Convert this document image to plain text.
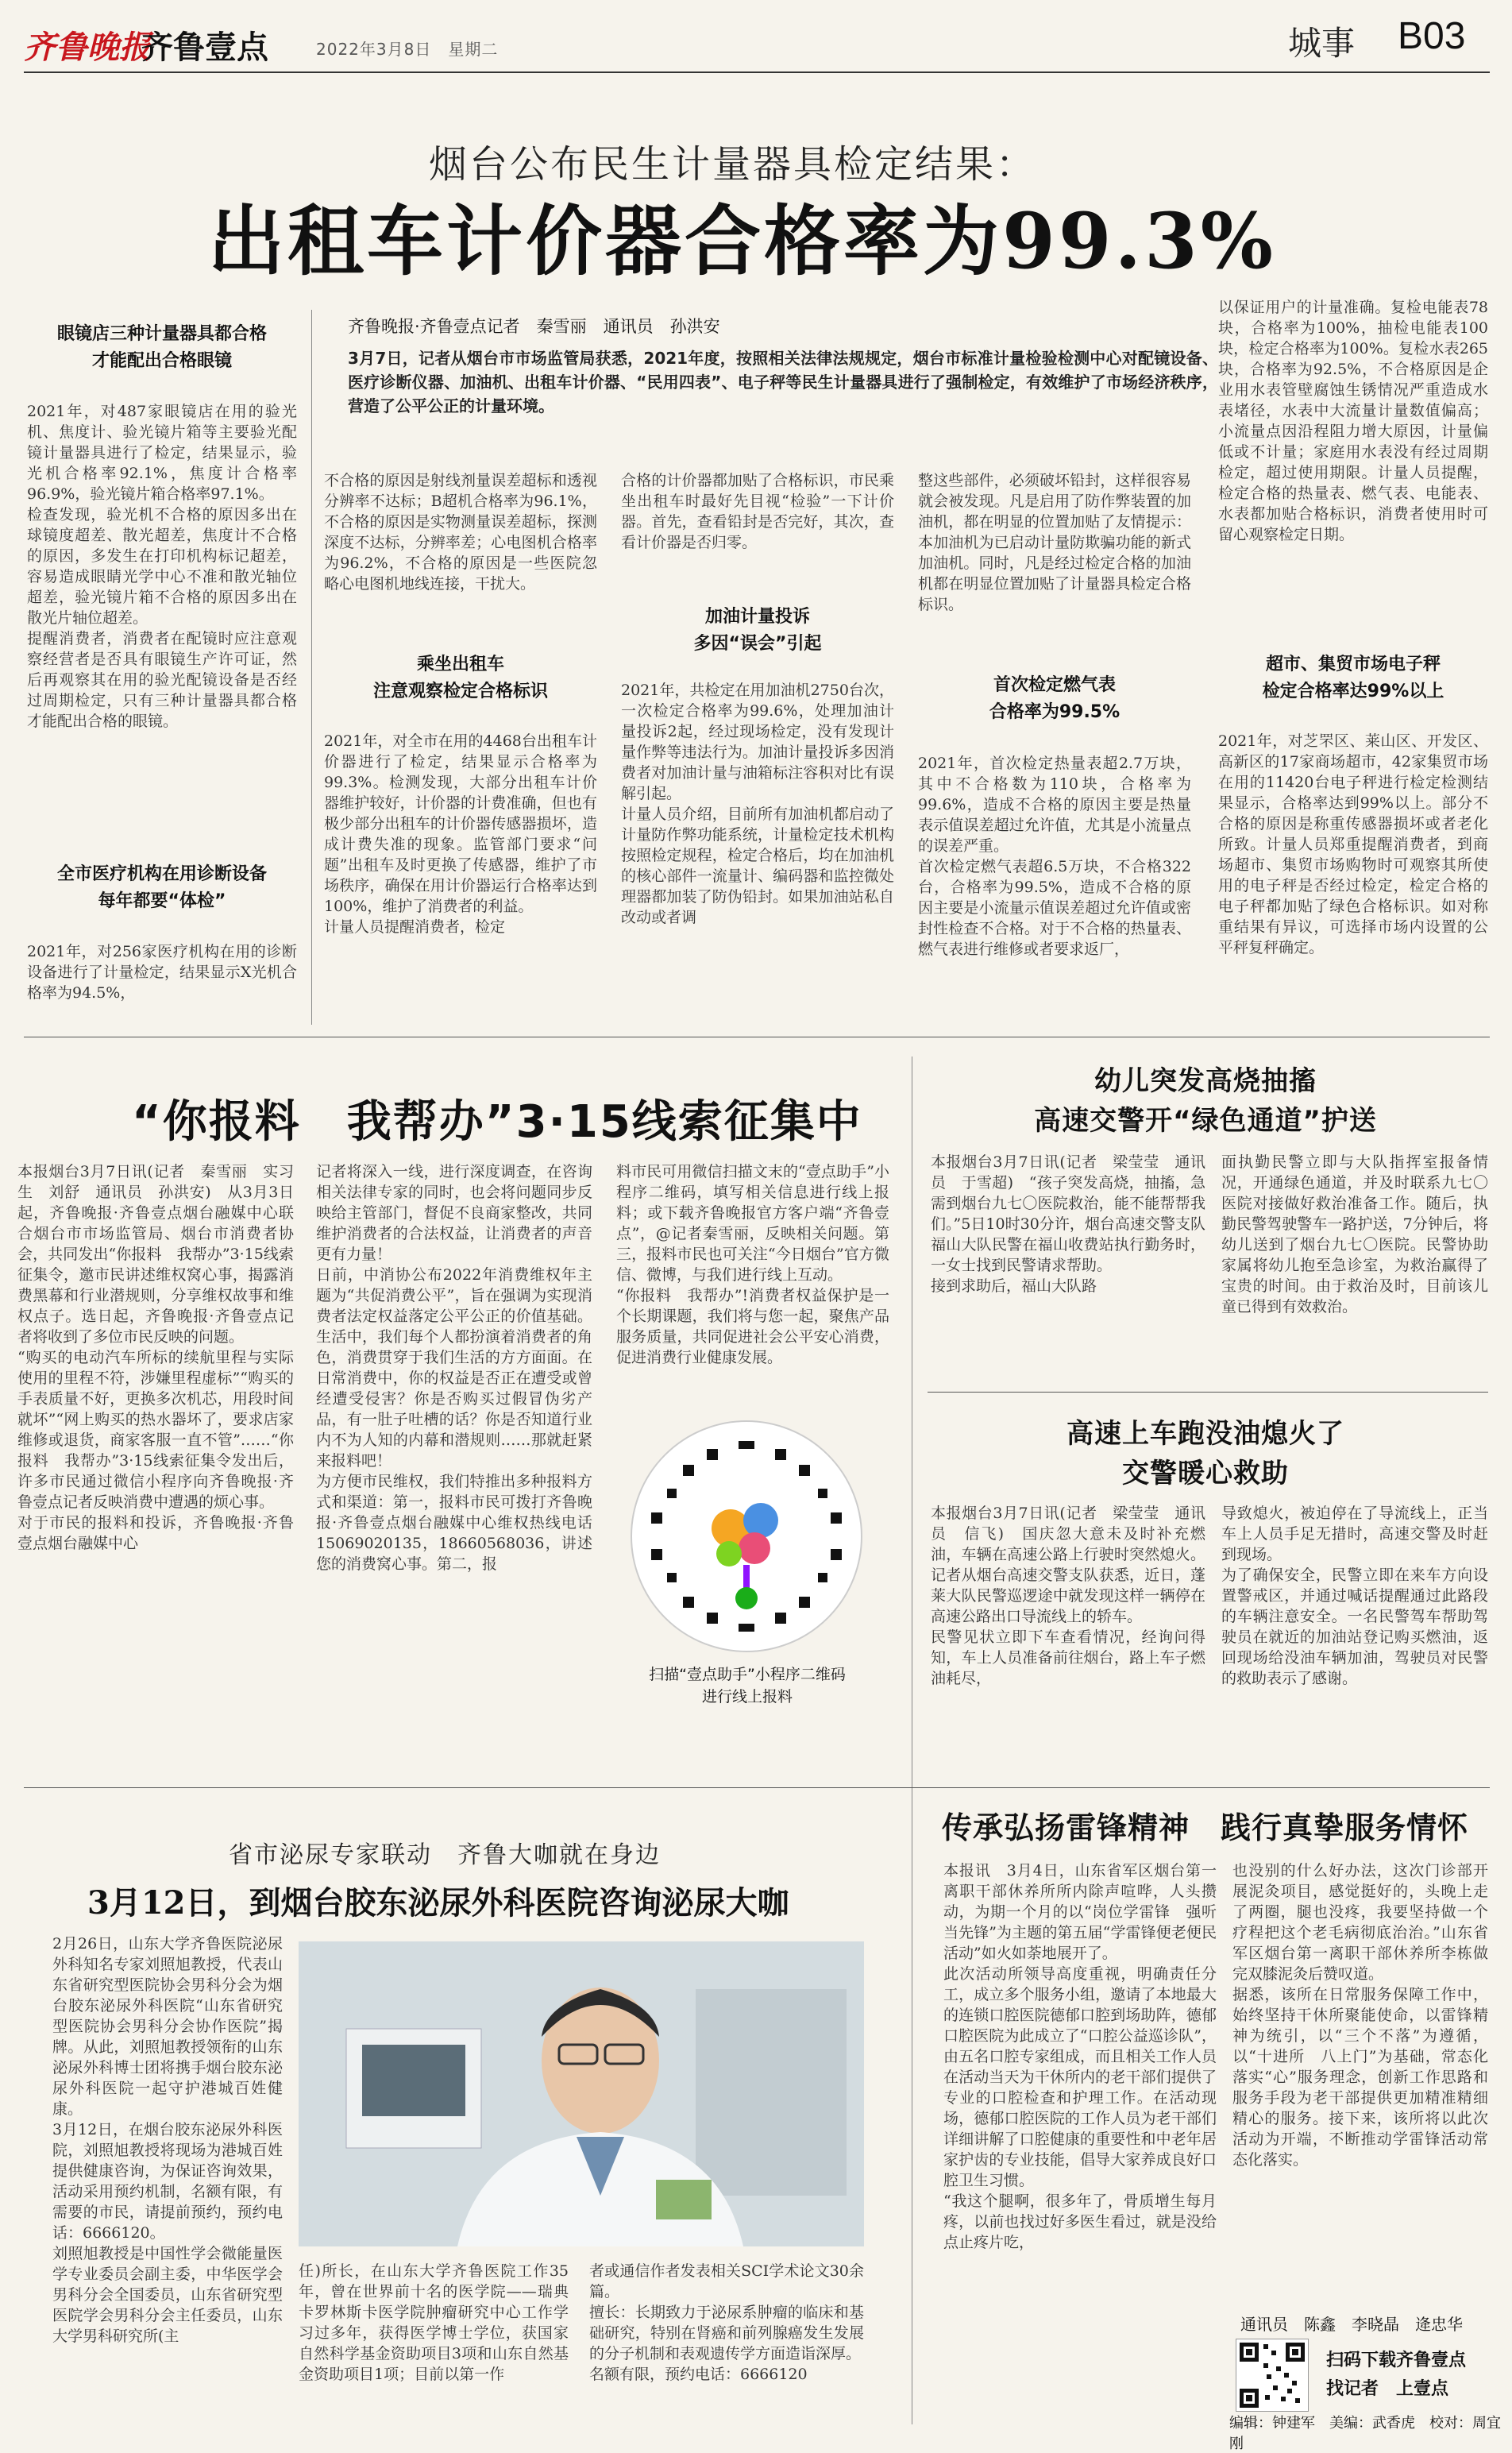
齐鲁晚报
齐鲁壹点	2022年3月8日　星期二	城事 B03
烟台公布民生计量器具检定结果：
出租车计价器合格率为99.3%
齐鲁晚报·齐鲁壹点记者　秦雪丽　通讯员　孙洪安
3月7日，记者从烟台市市场监管局获悉，2021年度，按照相关法律法规规定，烟台市标准计量检验检测中心对配镜设备、医疗诊断仪器、加油机、出租车计价器、“民用四表”、电子秤等民生计量器具进行了强制检定，有效维护了市场经济秩序，营造了公平公正的计量环境。
眼镜店三种计量器具都合格
才能配出合格眼镜
2021年，对487家眼镜店在用的验光机、焦度计、验光镜片箱等主要验光配镜计量器具进行了检定，结果显示，验光机合格率92.1%，焦度计合格率96.9%，验光镜片箱合格率97.1%。
检查发现，验光机不合格的原因多出在球镜度超差、散光超差，焦度计不合格的原因，多发生在打印机构标记超差，容易造成眼睛光学中心不准和散光轴位超差，验光镜片箱不合格的原因多出在散光片轴位超差。
提醒消费者，消费者在配镜时应注意观察经营者是否具有眼镜生产许可证，然后再观察其在用的验光配镜设备是否经过周期检定，只有三种计量器具都合格才能配出合格的眼镜。
全市医疗机构在用诊断设备
每年都要“体检”
2021年，对256家医疗机构在用的诊断设备进行了计量检定，结果显示X光机合格率为94.5%，
不合格的原因是射线剂量误差超标和透视分辨率不达标；B超机合格率为96.1%，不合格的原因是实物测量误差超标，探测深度不达标，分辨率差；心电图机合格率为96.2%，不合格的原因是一些医院忽略心电图机地线连接，干扰大。
乘坐出租车
注意观察检定合格标识
2021年，对全市在用的4468台出租车计价器进行了检定，结果显示合格率为99.3%。检测发现，大部分出租车计价器维护较好，计价器的计费准确，但也有极少部分出租车的计价器传感器损坏，造成计费失准的现象。监管部门要求“问题”出租车及时更换了传感器，维护了市场秩序，确保在用计价器运行合格率达到100%，维护了消费者的利益。
计量人员提醒消费者，检定
合格的计价器都加贴了合格标识，市民乘坐出租车时最好先目视“检验”一下计价器。首先，查看铅封是否完好，其次，查看计价器是否归零。
加油计量投诉
多因“误会”引起
2021年，共检定在用加油机2750台次，一次检定合格率为99.6%，处理加油计量投诉2起，经过现场检定，没有发现计量作弊等违法行为。加油计量投诉多因消费者对加油计量与油箱标注容积对比有误解引起。
计量人员介绍，目前所有加油机都启动了计量防作弊功能系统，计量检定技术机构按照检定规程，检定合格后，均在加油机的核心部件一流量计、编码器和监控微处理器都加装了防伪铅封。如果加油站私自改动或者调
整这些部件，必须破坏铅封，这样很容易就会被发现。凡是启用了防作弊装置的加油机，都在明显的位置加贴了友情提示：本加油机为已启动计量防欺骗功能的新式加油机。同时，凡是经过检定合格的加油机都在明显位置加贴了计量器具检定合格标识。
首次检定燃气表
合格率为99.5%
2021年，首次检定热量表超2.7万块，其中不合格数为110块，合格率为99.6%，造成不合格的原因主要是热量表示值误差超过允许值，尤其是小流量点的误差严重。
首次检定燃气表超6.5万块，不合格322台，合格率为99.5%，造成不合格的原因主要是小流量示值误差超过允许值或密封性检查不合格。对于不合格的热量表、燃气表进行维修或者要求返厂，
以保证用户的计量准确。复检电能表78块，合格率为100%，抽检电能表100块，检定合格率为100%。复检水表265块，合格率为92.5%，不合格原因是企业用水表管壁腐蚀生锈情况严重造成水表堵径，水表中大流量计量数值偏高；小流量点因沿程阻力增大原因，计量偏低或不计量；家庭用水表没有经过周期检定，超过使用期限。计量人员提醒，检定合格的热量表、燃气表、电能表、水表都加贴合格标识，消费者使用时可留心观察检定日期。
超市、集贸市场电子秤
检定合格率达99%以上
2021年，对芝罘区、莱山区、开发区、高新区的17家商场超市，42家集贸市场在用的11420台电子秤进行检定检测结果显示，合格率达到99%以上。部分不合格的原因是称重传感器损坏或者老化所致。计量人员郑重提醒消费者，到商场超市、集贸市场购物时可观察其所使用的电子秤是否经过检定，检定合格的电子秤都加贴了绿色合格标识。如对称重结果有异议，可选择市场内设置的公平秤复秤确定。
“你报料　我帮办”3·15线索征集中
本报烟台3月7日讯(记者　秦雪丽　实习生　刘舒　通讯员　孙洪安)　从3月3日起，齐鲁晚报·齐鲁壹点烟台融媒中心联合烟台市市场监管局、烟台市消费者协会，共同发出“你报料　我帮办”3·15线索征集令，邀市民讲述维权窝心事，揭露消费黑幕和行业潜规则，分享维权故事和维权点子。选日起，齐鲁晚报·齐鲁壹点记者将收到了多位市民反映的问题。
“购买的电动汽车所标的续航里程与实际使用的里程不符，涉嫌里程虚标”“购买的手表质量不好，更换多次机芯，用段时间就坏”“网上购买的热水器坏了，要求店家维修或退货，商家客服一直不管”……“你报料　我帮办”3·15线索征集令发出后，许多市民通过微信小程序向齐鲁晚报·齐鲁壹点记者反映消费中遭遇的烦心事。
对于市民的报料和投诉，齐鲁晚报·齐鲁壹点烟台融媒中心
记者将深入一线，进行深度调查，在咨询相关法律专家的同时，也会将问题同步反映给主管部门，督促不良商家整改，共同维护消费者的合法权益，让消费者的声音更有力量！
日前，中消协公布2022年消费维权年主题为“共促消费公平”，旨在强调为实现消费者法定权益落定公平公正的价值基础。生活中，我们每个人都扮演着消费者的角色，消费贯穿于我们生活的方方面面。在日常消费中，你的权益是否正在遭受或曾经遭受侵害？你是否购买过假冒伪劣产品，有一肚子吐槽的话？你是否知道行业内不为人知的内幕和潜规则……那就赶紧来报料吧！
为方便市民维权，我们特推出多种报料方式和渠道：第一，报料市民可拨打齐鲁晚报·齐鲁壹点烟台融媒中心维权热线电话15069020135，18660568036，讲述您的消费窝心事。第二，报
料市民可用微信扫描文末的“壹点助手”小程序二维码，填写相关信息进行线上报料；或下载齐鲁晚报官方客户端“齐鲁壹点”，@记者秦雪丽，反映相关问题。第三，报料市民也可关注“今日烟台”官方微信、微博，与我们进行线上互动。
“你报料　我帮办”!消费者权益保护是一个长期课题，我们将与您一起，聚焦产品服务质量，共同促进社会公平安心消费，促进消费行业健康发展。
扫描“壹点助手”小程序二维码
进行线上报料
幼儿突发高烧抽搐
高速交警开“绿色通道”护送
本报烟台3月7日讯(记者　梁莹莹　通讯员　于雪超)　“孩子突发高烧，抽搐，急需到烟台九七〇医院救治，能不能帮帮我们。”5日10时30分许，烟台高速交警支队福山大队民警在福山收费站执行勤务时，一女士找到民警请求帮助。
接到求助后，福山大队路
面执勤民警立即与大队指挥室报备情况，开通绿色通道，并及时联系九七〇医院对接做好救治准备工作。随后，执勤民警驾驶警车一路护送，7分钟后，将幼儿送到了烟台九七〇医院。民警协助家属将幼儿抱至急诊室，为救治赢得了宝贵的时间。由于救治及时，目前该儿童已得到有效救治。
高速上车跑没油熄火了
交警暖心救助
本报烟台3月7日讯(记者　梁莹莹　通讯员　信飞)　国庆忽大意未及时补充燃油，车辆在高速公路上行驶时突然熄火。记者从烟台高速交警支队获悉，近日，蓬莱大队民警巡逻途中就发现这样一辆停在高速公路出口导流线上的轿车。
民警见状立即下车查看情况，经询问得知，车上人员准备前往烟台，路上车子燃油耗尽，
导致熄火，被迫停在了导流线上，正当车上人员手足无措时，高速交警及时赶到现场。
为了确保安全，民警立即在来车方向设置警戒区，并通过喊话提醒通过此路段的车辆注意安全。一名民警驾车帮助驾驶员在就近的加油站登记购买燃油，返回现场给没油车辆加油，驾驶员对民警的救助表示了感谢。
省市泌尿专家联动　齐鲁大咖就在身边
3月12日，到烟台胶东泌尿外科医院咨询泌尿大咖
2月26日，山东大学齐鲁医院泌尿外科知名专家刘照旭教授，代表山东省研究型医院协会男科分会为烟台胶东泌尿外科医院“山东省研究型医院协会男科分会协作医院”揭牌。从此，刘照旭教授领衔的山东泌尿外科博士团将携手烟台胶东泌尿外科医院一起守护港城百姓健康。
3月12日，在烟台胶东泌尿外科医院，刘照旭教授将现场为港城百姓提供健康咨询，为保证咨询效果，活动采用预约机制，名额有限，有需要的市民，请提前预约，预约电话：6666120。
刘照旭教授是中国性学会微能量医学专业委员会副主委，中华医学会男科分会全国委员，山东省研究型医院学会男科分会主任委员，山东大学男科研究所(主
任)所长，在山东大学齐鲁医院工作35年，曾在世界前十名的医学院——瑞典卡罗林斯卡医学院肿瘤研究中心工作学习过多年，获得医学博士学位，获国家自然科学基金资助项目3项和山东自然基金资助项目1项；目前以第一作
者或通信作者发表相关SCI学术论文30余篇。
擅长：长期致力于泌尿系肿瘤的临床和基础研究，特别在肾癌和前列腺癌发生发展的分子机制和表观遗传学方面造诣深厚。
名额有限，预约电话：6666120
传承弘扬雷锋精神　践行真挚服务情怀
本报讯　3月4日，山东省军区烟台第一离职干部休养所所内除声喧哗，人头攒动，为期一个月的以“岗位学雷锋　强听当先锋”为主题的第五届“学雷锋便老便民活动”如火如荼地展开了。
此次活动所领导高度重视，明确责任分工，成立多个服务小组，邀请了本地最大的连锁口腔医院德郁口腔到场助阵，德郁口腔医院为此成立了“口腔公益巡诊队”，由五名口腔专家组成，而且相关工作人员在活动当天为干休所内的老干部们提供了专业的口腔检查和护理工作。在活动现场，德郁口腔医院的工作人员为老干部们详细讲解了口腔健康的重要性和中老年居家护齿的专业技能，倡导大家养成良好口腔卫生习惯。
“我这个腿啊，很多年了，骨质增生每月疼，以前也找过好多医生看过，就是没给点止疼片吃，
也没别的什么好办法，这次门诊部开展泥灸项目，感觉挺好的，头晚上走了两圈，腿也没疼，我要坚持做一个疗程把这个老毛病彻底治治。”山东省军区烟台第一离职干部休养所李栋做完双膝泥灸后赞叹道。
据悉，该所在日常服务保障工作中，始终坚持干休所聚能使命，以雷锋精神为统引，以“三个不落”为遵循，以“十进所　八上门”为基础，常态化落实“心”服务理念，创新工作思路和服务手段为老干部提供更加精准精细精心的服务。接下来，该所将以此次活动为开端，不断推动学雷锋活动常态化落实。
通讯员　陈鑫　李晓晶　逄忠华
扫码下载齐鲁壹点
找记者　上壹点
编辑：钟建军　美编：武香虎　校对：周宜刚
